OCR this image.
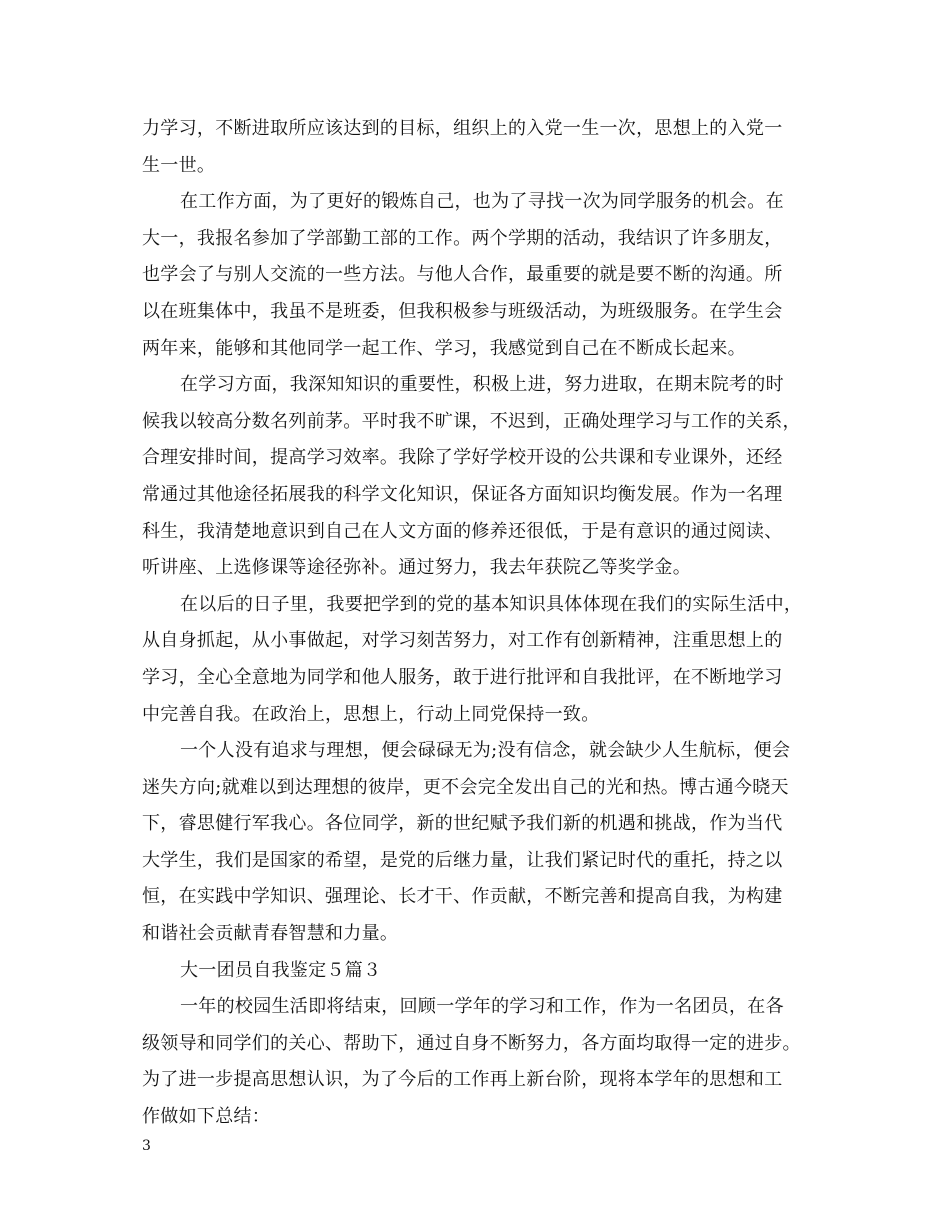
力学习，不断进取所应该达到的目标，组织上的入党一生一次，思想上的入党一
生一世。
在工作方面，为了更好的锻炼自己，也为了寻找一次为同学服务的机会。在
大一，我报名参加了学部勤工部的工作。两个学期的活动，我结识了许多朋友，
也学会了与别人交流的一些方法。与他人合作，最重要的就是要不断的沟通。所
以在班集体中，我虽不是班委，但我积极参与班级活动，为班级服务。在学生会
两年来，能够和其他同学一起工作、学习，我感觉到自己在不断成长起来。
在学习方面，我深知知识的重要性，积极上进，努力进取，在期末院考的时
候我以较高分数名列前茅。平时我不旷课，不迟到，正确处理学习与工作的关系，
合理安排时间，提高学习效率。我除了学好学校开设的公共课和专业课外，还经
常通过其他途径拓展我的科学文化知识，保证各方面知识均衡发展。作为一名理
科生，我清楚地意识到自己在人文方面的修养还很低，于是有意识的通过阅读、
听讲座、上选修课等途径弥补。通过努力，我去年获院乙等奖学金。
在以后的日子里，我要把学到的党的基本知识具体体现在我们的实际生活中，
从自身抓起，从小事做起，对学习刻苦努力，对工作有创新精神，注重思想上的
学习，全心全意地为同学和他人服务，敢于进行批评和自我批评，在不断地学习
中完善自我。在政治上，思想上，行动上同党保持一致。
一个人没有追求与理想，便会碌碌无为;没有信念，就会缺少人生航标，便会
迷失方向;就难以到达理想的彼岸，更不会完全发出自己的光和热。博古通今晓天
下，睿思健行军我心。各位同学，新的世纪赋予我们新的机遇和挑战，作为当代
大学生，我们是国家的希望，是党的后继力量，让我们紧记时代的重托，持之以
恒，在实践中学知识、强理论、长才干、作贡献，不断完善和提高自我，为构建
和谐社会贡献青春智慧和力量。
大一团员自我鉴定５篇３
一年的校园生活即将结束，回顾一学年的学习和工作，作为一名团员，在各
级领导和同学们的关心、帮助下，通过自身不断努力，各方面均取得一定的进步。
为了进一步提高思想认识，为了今后的工作再上新台阶，现将本学年的思想和工
作做如下总结：
3
